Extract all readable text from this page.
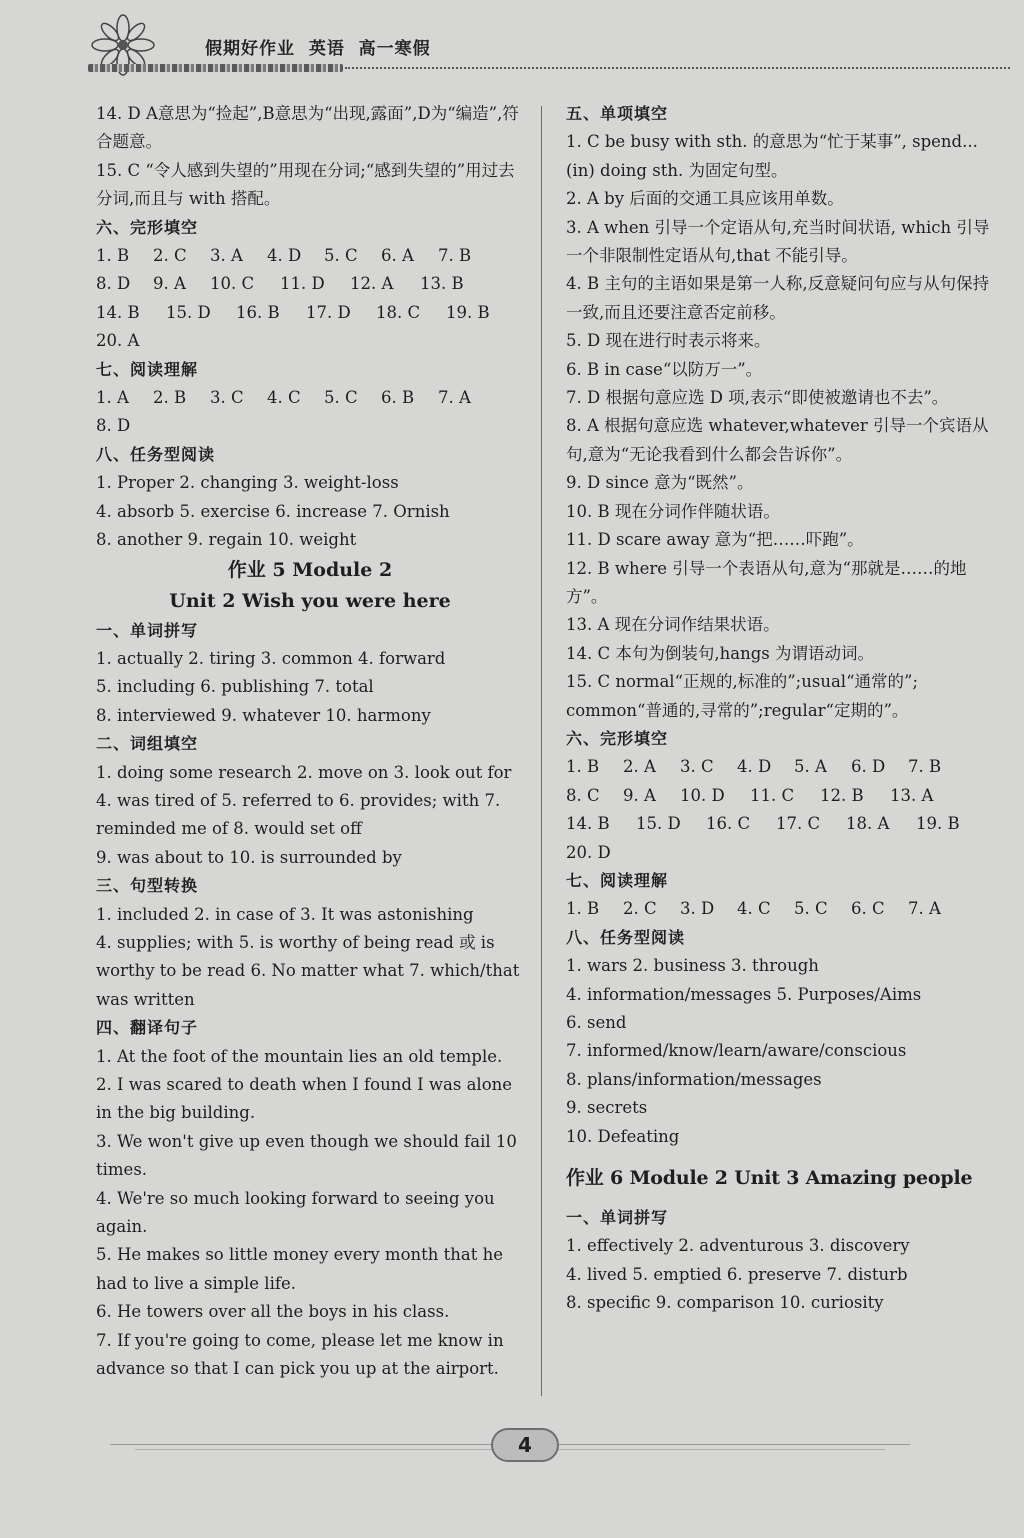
假期好作业  英语  高一寒假
14. D A意思为“捡起”,B意思为“出现,露面”,D为“编造”,符合题意。
15. C “令人感到失望的”用现在分词;“感到失望的”用过去分词,而且与 with 搭配。
六、完形填空
1. B 2. C 3. A 4. D 5. C 6. A 7. B
8. D 9. A 10. C 11. D 12. A 13. B
14. B 15. D 16. B 17. D 18. C 19. B
20. A
七、阅读理解
1. A 2. B 3. C 4. C 5. C 6. B 7. A
8. D
八、任务型阅读
1. Proper 2. changing 3. weight-loss
4. absorb 5. exercise 6. increase 7. Ornish
8. another 9. regain 10. weight
作业 5 Module 2
Unit 2 Wish you were here
一、单词拼写
1. actually 2. tiring 3. common 4. forward
5. including 6. publishing 7. total
8. interviewed 9. whatever 10. harmony
二、词组填空
1. doing some research 2. move on 3. look out for 4. was tired of 5. referred to 6. provides; with 7. reminded me of 8. would set off
9. was about to 10. is surrounded by
三、句型转换
1. included 2. in case of 3. It was astonishing
4. supplies; with 5. is worthy of being read 或 is worthy to be read 6. No matter what 7. which/that was written
四、翻译句子
1. At the foot of the mountain lies an old temple.
2. I was scared to death when I found I was alone in the big building.
3. We won't give up even though we should fail 10 times.
4. We're so much looking forward to seeing you again.
5. He makes so little money every month that he had to live a simple life.
6. He towers over all the boys in his class.
7. If you're going to come, please let me know in advance so that I can pick you up at the airport.
五、单项填空
1. C be busy with sth. 的意思为“忙于某事”, spend...(in) doing sth. 为固定句型。
2. A by 后面的交通工具应该用单数。
3. A when 引导一个定语从句,充当时间状语, which 引导一个非限制性定语从句,that 不能引导。
4. B 主句的主语如果是第一人称,反意疑问句应与从句保持一致,而且还要注意否定前移。
5. D 现在进行时表示将来。
6. B in case“以防万一”。
7. D 根据句意应选 D 项,表示“即使被邀请也不去”。
8. A 根据句意应选 whatever,whatever 引导一个宾语从句,意为“无论我看到什么都会告诉你”。
9. D since 意为“既然”。
10. B 现在分词作伴随状语。
11. D scare away 意为“把……吓跑”。
12. B where 引导一个表语从句,意为“那就是……的地方”。
13. A 现在分词作结果状语。
14. C 本句为倒装句,hangs 为谓语动词。
15. C normal“正规的,标准的”;usual“通常的”; common“普通的,寻常的”;regular“定期的”。
六、完形填空
1. B 2. A 3. C 4. D 5. A 6. D 7. B
8. C 9. A 10. D 11. C 12. B 13. A
14. B 15. D 16. C 17. C 18. A 19. B
20. D
七、阅读理解
1. B 2. C 3. D 4. C 5. C 6. C 7. A
八、任务型阅读
1. wars 2. business 3. through
4. information/messages 5. Purposes/Aims
6. send
7. informed/know/learn/aware/conscious
8. plans/information/messages
9. secrets
10. Defeating
作业 6 Module 2 Unit 3 Amazing people
一、单词拼写
1. effectively 2. adventurous 3. discovery
4. lived 5. emptied 6. preserve 7. disturb
8. specific 9. comparison 10. curiosity
4
